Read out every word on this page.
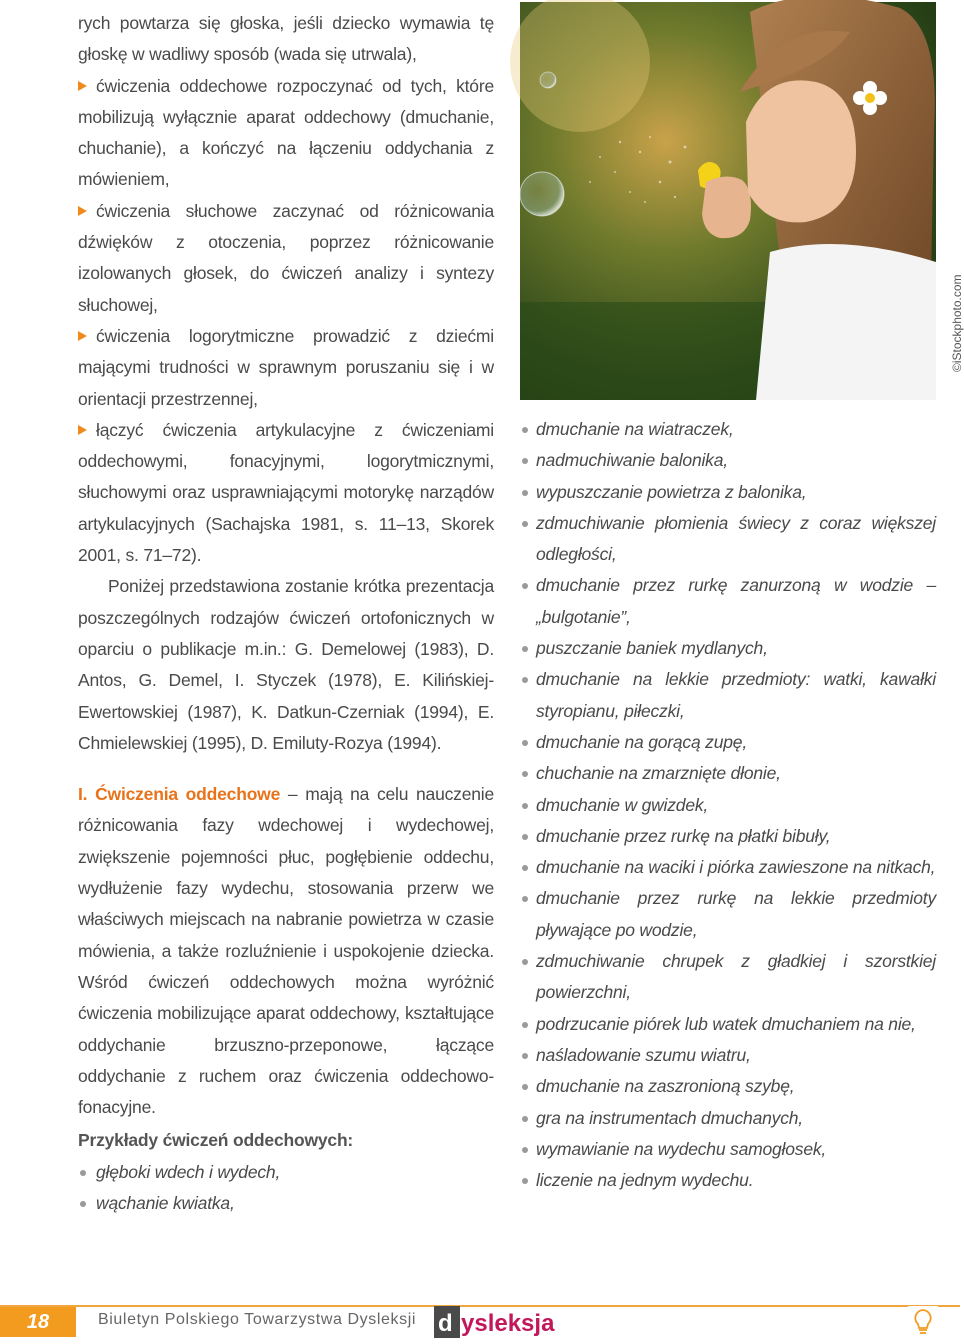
rych powtarza się głoska, jeśli dziecko wymawia tę głoskę w wadliwy sposób (wada się utrwala),

ćwiczenia oddechowe rozpoczynać od tych, które mobilizują wyłącznie aparat oddechowy (dmuchanie, chuchanie), a kończyć na łączeniu oddychania z mówieniem,

ćwiczenia słuchowe zaczynać od różnicowania dźwięków z otoczenia, poprzez różnicowanie izolowanych głosek, do ćwiczeń analizy i syntezy słuchowej,

ćwiczenia logorytmiczne prowadzić z dziećmi mającymi trudności w sprawnym poruszaniu się i w orientacji przestrzennej,

łączyć ćwiczenia artykulacyjne z ćwiczeniami oddechowymi, fonacyjnymi, logorytmicznymi, słuchowymi oraz usprawniającymi motorykę narządów artykulacyjnych (Sachajska 1981, s. 11–13, Skorek 2001, s. 71–72).

Poniżej przedstawiona zostanie krótka prezentacja poszczególnych rodzajów ćwiczeń ortofonicznych w oparciu o publikacje m.in.: G. Demelowej (1983), D. Antos, G. Demel, I. Styczek (1978), E. Kilińskiej-Ewertowskiej (1987), K. Datkun-Czerniak (1994), E. Chmielewskiej (1995), D. Emiluty-Rozya (1994).

I. Ćwiczenia oddechowe – mają na celu nauczenie różnicowania fazy wdechowej i wydechowej, zwiększenie pojemności płuc, pogłębienie oddechu, wydłużenie fazy wydechu, stosowania przerw we właściwych miejscach na nabranie powietrza w czasie mówienia, a także rozluźnienie i uspokojenie dziecka. Wśród ćwiczeń oddechowych można wyróżnić ćwiczenia mobilizujące aparat oddechowy, kształtujące oddychanie brzuszno-przeponowe, łączące oddychanie z ruchem oraz ćwiczenia oddechowo-fonacyjne.

Przykłady ćwiczeń oddechowych:

głęboki wdech i wydech,
wąchanie kwiatka,
©iStockphoto.com
dmuchanie na wiatraczek,
nadmuchiwanie balonika,
wypuszczanie powietrza z balonika,
zdmuchiwanie płomienia świecy z coraz większej odległości,
dmuchanie przez rurkę zanurzoną w wodzie – „bulgotanie”,
puszczanie baniek mydlanych,
dmuchanie na lekkie przedmioty: watki, kawałki styropianu, piłeczki,
dmuchanie na gorącą zupę,
chuchanie na zmarznięte dłonie,
dmuchanie w gwizdek,
dmuchanie przez rurkę na płatki bibuły,
dmuchanie na waciki i piórka zawieszone na nitkach,
dmuchanie przez rurkę na lekkie przedmioty pływające po wodzie,
zdmuchiwanie chrupek z gładkiej i szorstkiej powierzchni,
podrzucanie piórek lub watek dmuchaniem na nie,
naśladowanie szumu wiatru,
dmuchanie na zaszronioną szybę,
gra na instrumentach dmuchanych,
wymawianie na wydechu samogłosek,
liczenie na jednym wydechu.
18	Biuletyn Polskiego Towarzystwa Dysleksji d ysleksja
